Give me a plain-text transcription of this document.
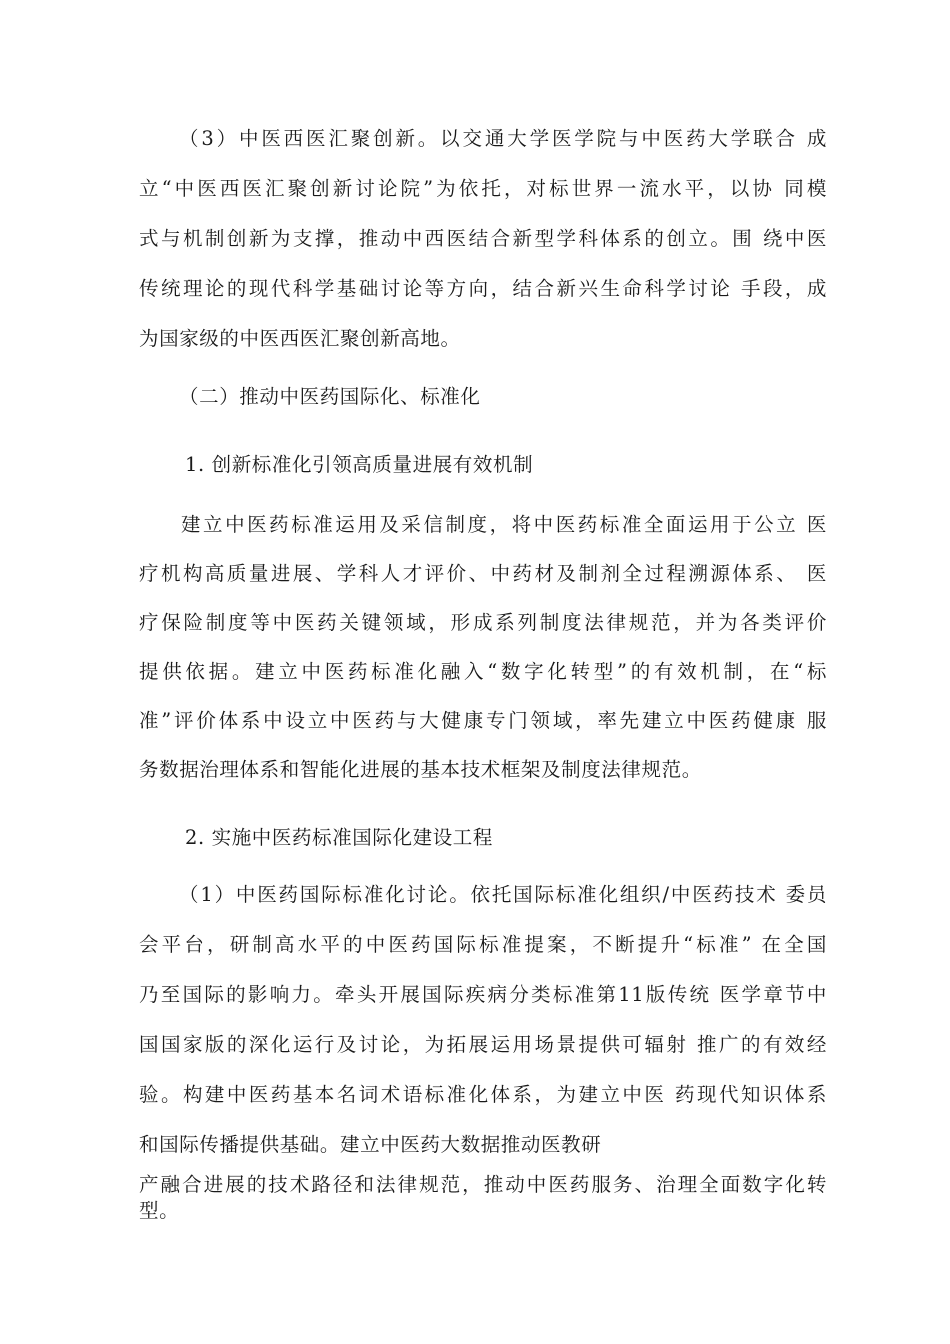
（3）中医西医汇聚创新。以交通大学医学院与中医药大学联合 成
立“中医西医汇聚创新讨论院”为依托，对标世界一流水平，以协 同模
式与机制创新为支撑，推动中西医结合新型学科体系的创立。围 绕中医
传统理论的现代科学基础讨论等方向，结合新兴生命科学讨论 手段，成
为国家级的中医西医汇聚创新高地。
（二）推动中医药国际化、标准化
1. 创新标准化引领高质量进展有效机制
建立中医药标准运用及采信制度，将中医药标准全面运用于公立 医
疗机构高质量进展、学科人才评价、中药材及制剂全过程溯源体系、 医
疗保险制度等中医药关键领域，形成系列制度法律规范，并为各类评价
提供依据。建立中医药标准化融入“数字化转型”的有效机制，在“标
准”评价体系中设立中医药与大健康专门领域，率先建立中医药健康 服
务数据治理体系和智能化进展的基本技术框架及制度法律规范。
2. 实施中医药标准国际化建设工程
（1）中医药国际标准化讨论。依托国际标准化组织/中医药技术 委员
会平台，研制高水平的中医药国际标准提案，不断提升“标准” 在全国
乃至国际的影响力。牵头开展国际疾病分类标准第11版传统 医学章节中
国国家版的深化运行及讨论，为拓展运用场景提供可辐射 推广的有效经
验。构建中医药基本名词术语标准化体系，为建立中医 药现代知识体系
和国际传播提供基础。建立中医药大数据推动医教研
产融合进展的技术路径和法律规范，推动中医药服务、治理全面数字化转
型。
